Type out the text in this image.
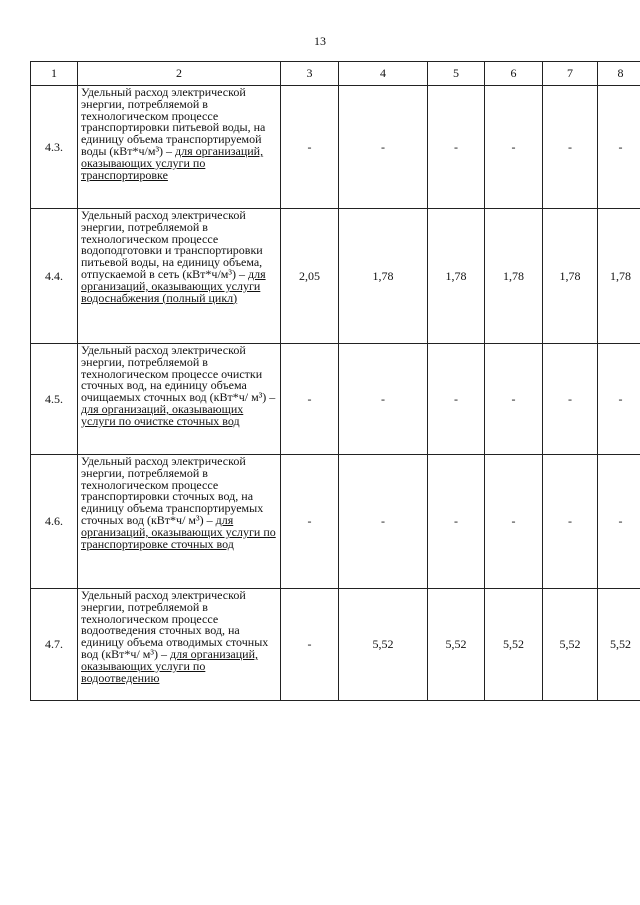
13
1	2	3	4	5	6	7	8
4.3.	Удельный расход электрической энергии, потребляемой в технологическом процессе транспортировки питьевой воды, на единицу объема транспортируемой воды (кВт*ч/м³) – для организаций, оказывающих услуги по транспортировке	-	-	-	-	-	-
4.4.	Удельный расход электрической энергии, потребляемой в технологическом процессе водоподготовки и транспортировки питьевой воды, на единицу объема, отпускаемой в сеть (кВт*ч/м³) – для организаций, оказывающих услуги водоснабжения (полный цикл)	2,05	1,78	1,78	1,78	1,78	1,78
4.5.	Удельный расход электрической энергии, потребляемой в технологическом процессе очистки сточных вод, на единицу объема очищаемых сточных вод (кВт*ч/ м³) – для организаций, оказывающих услуги по очистке сточных вод	-	-	-	-	-	-
4.6.	Удельный расход электрической энергии, потребляемой в технологическом процессе транспортировки сточных вод, на единицу объема транспортируемых сточных вод (кВт*ч/ м³) – для организаций, оказывающих услуги по транспортировке сточных вод	-	-	-	-	-	-
4.7.	Удельный расход электрической энергии, потребляемой в технологическом процессе водоотведения сточных вод, на единицу объема отводимых сточных вод (кВт*ч/ м³) – для организаций, оказывающих услуги по водоотведению	-	5,52	5,52	5,52	5,52	5,52
